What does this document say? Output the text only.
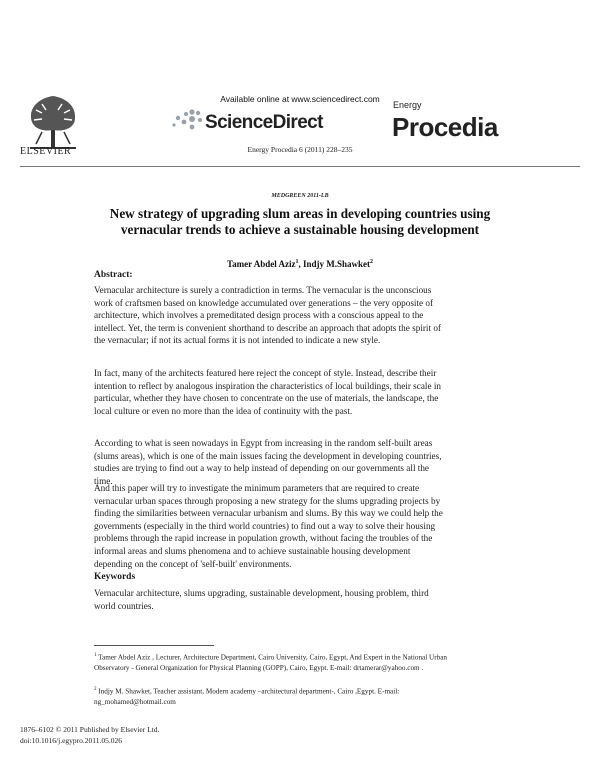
ELSEVIER
Available online at www.sciencedirect.com
ScienceDirect
Energy Procedia 6 (2011) 228–235
Energy
Procedia
MEDGREEN 2011-LB
New strategy of upgrading slum areas in developing countries using vernacular trends to achieve a sustainable housing development
Tamer Abdel Aziz$^1$, Indjy M.Shawket$^2$
Abstract:
Vernacular architecture is surely a contradiction in terms. The vernacular is the unconscious work of craftsmen based on knowledge accumulated over generations – the very opposite of architecture, which involves a premeditated design process with a conscious appeal to the intellect. Yet, the term is convenient shorthand to describe an approach that adopts the spirit of the vernacular; if not its actual forms it is not intended to indicate a new style.
In fact, many of the architects featured here reject the concept of style. Instead, describe their intention to reflect by analogous inspiration the characteristics of local buildings, their scale in particular, whether they have chosen to concentrate on the use of materials, the landscape, the local culture or even no more than the idea of continuity with the past.
According to what is seen nowadays in Egypt from increasing in the random self-built areas (slums areas), which is one of the main issues facing the development in developing countries, studies are trying to find out a way to help instead of depending on our governments all the time.
And this paper will try to investigate the minimum parameters that are required to create vernacular urban spaces through proposing a new strategy for the slums upgrading projects by finding the similarities between vernacular urbanism and slums. By this way we could help the governments (especially in the third world countries) to find out a way to solve their housing problems through the rapid increase in population growth, without facing the troubles of the informal areas and slums phenomena and to achieve sustainable housing development depending on the concept of 'self-built' environments.
Keywords
Vernacular architecture, slums upgrading, sustainable development, housing problem, third world countries.
$^1$ Tamer Abdel Aziz , Lecturer, Architecture Department, Cairo University, Cairo, Egypt, And Expert in the National Urban Observatory - General Organization for Physical Planning (GOPP), Cairo, Egypt. E-mail: drtamerar@yahoo.com .
$^2$ Indjy M. Shawket, Teacher assistant, Modern academy –architectural department-, Cairo ,Egypt. E-mail: ng_mohamed@hotmail.com
1876–6102 © 2011 Published by Elsevier Ltd.
doi:10.1016/j.egypro.2011.05.026
